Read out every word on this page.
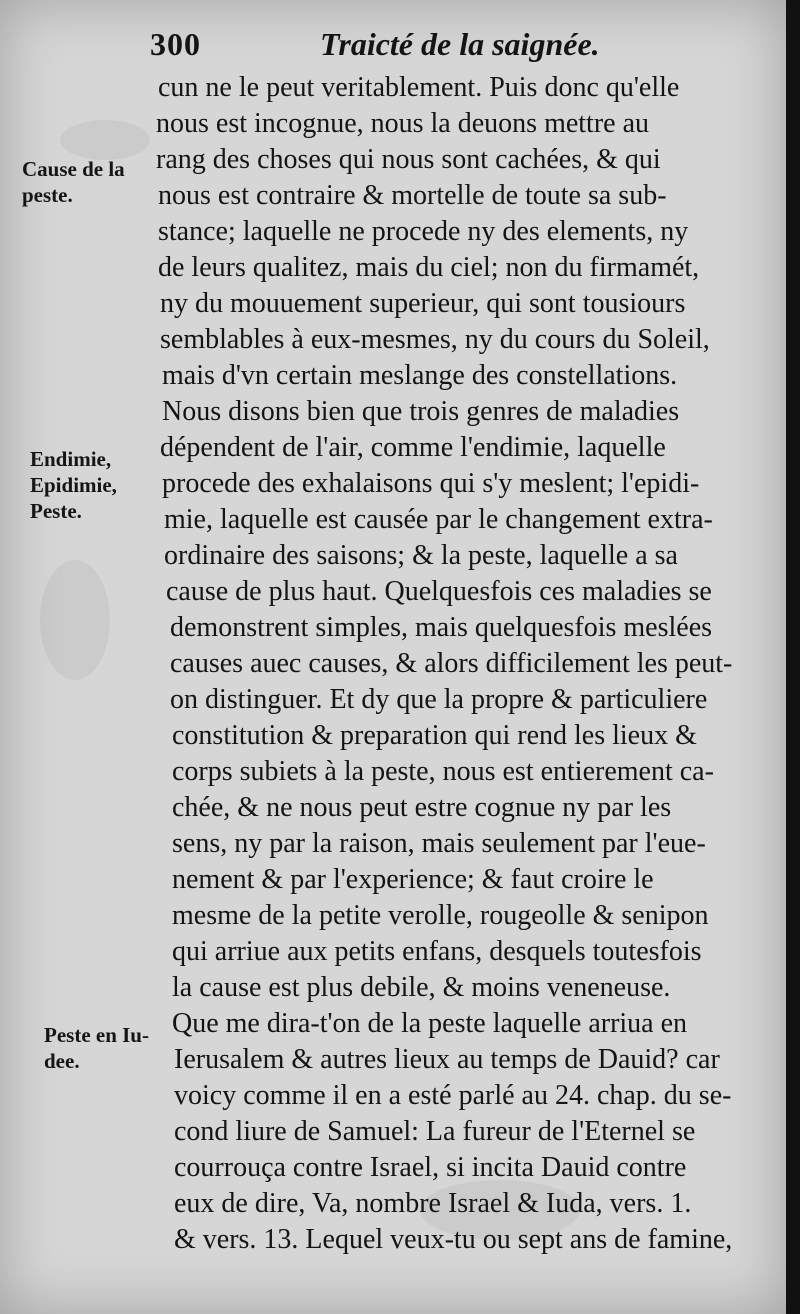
300	Traicté de la saignée.
Cause de la
peste.
Endimie,
Epidimie,
Peste.
Peste en Iu-
dee.
cun ne le peut veritablement. Puis donc qu'elle
nous est incognue, nous la deuons mettre au
rang des choses qui nous sont cachées, & qui
nous est contraire & mortelle de toute sa sub-
stance; laquelle ne procede ny des elements, ny
de leurs qualitez, mais du ciel; non du firmamét,
ny du mouuement superieur, qui sont tousiours
semblables à eux-mesmes, ny du cours du Soleil,
mais d'vn certain meslange des constellations.
Nous disons bien que trois genres de maladies
dépendent de l'air, comme l'endimie, laquelle
procede des exhalaisons qui s'y meslent; l'epidi-
mie, laquelle est causée par le changement extra-
ordinaire des saisons; & la peste, laquelle a sa
cause de plus haut. Quelquesfois ces maladies se
demonstrent simples, mais quelquesfois meslées
causes auec causes, & alors difficilement les peut-
on distinguer. Et dy que la propre & particuliere
constitution & preparation qui rend les lieux &
corps subiets à la peste, nous est entierement ca-
chée, & ne nous peut estre cognue ny par les
sens, ny par la raison, mais seulement par l'eue-
nement & par l'experience; & faut croire le
mesme de la petite verolle, rougeolle & senipon
qui arriue aux petits enfans, desquels toutesfois
la cause est plus debile, & moins veneneuse.
Que me dira-t'on de la peste laquelle arriua en
Ierusalem & autres lieux au temps de Dauid? car
voicy comme il en a esté parlé au 24. chap. du se-
cond liure de Samuel: La fureur de l'Eternel se
courrouça contre Israel, si incita Dauid contre
eux de dire, Va, nombre Israel & Iuda, vers. 1.
& vers. 13. Lequel veux-tu ou sept ans de famine,
